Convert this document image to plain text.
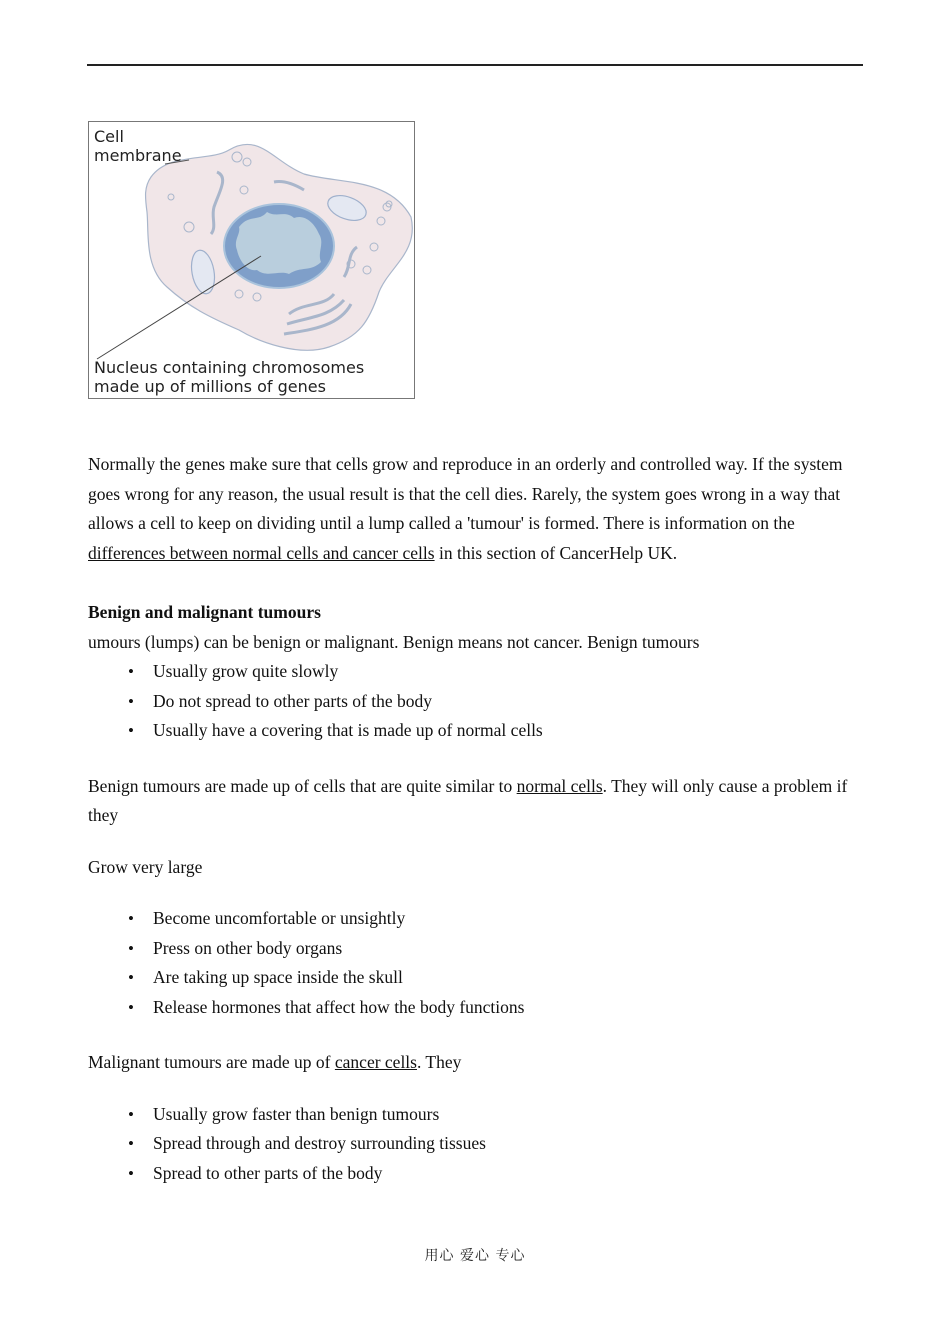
Cell
membrane
Nucleus containing chromosomes
made up of millions of genes

Normally the genes make sure that cells grow and reproduce in an orderly and controlled way. If the system goes wrong for any reason, the usual result is that the cell dies. Rarely, the system goes wrong in a way that allows a cell to keep on dividing until a lump called a 'tumour' is formed. There is information on the differences between normal cells and cancer cells in this section of CancerHelp UK.

Benign and malignant tumours

umours (lumps) can be benign or malignant. Benign means not cancer. Benign tumours

• Usually grow quite slowly
• Do not spread to other parts of the body
• Usually have a covering that is made up of normal cells

Benign tumours are made up of cells that are quite similar to normal cells. They will only cause a problem if they

Grow very large

• Become uncomfortable or unsightly
• Press on other body organs
• Are taking up space inside the skull
• Release hormones that affect how the body functions

Malignant tumours are made up of cancer cells. They

• Usually grow faster than benign tumours
• Spread through and destroy surrounding tissues
• Spread to other parts of the body
用心 爱心 专心
